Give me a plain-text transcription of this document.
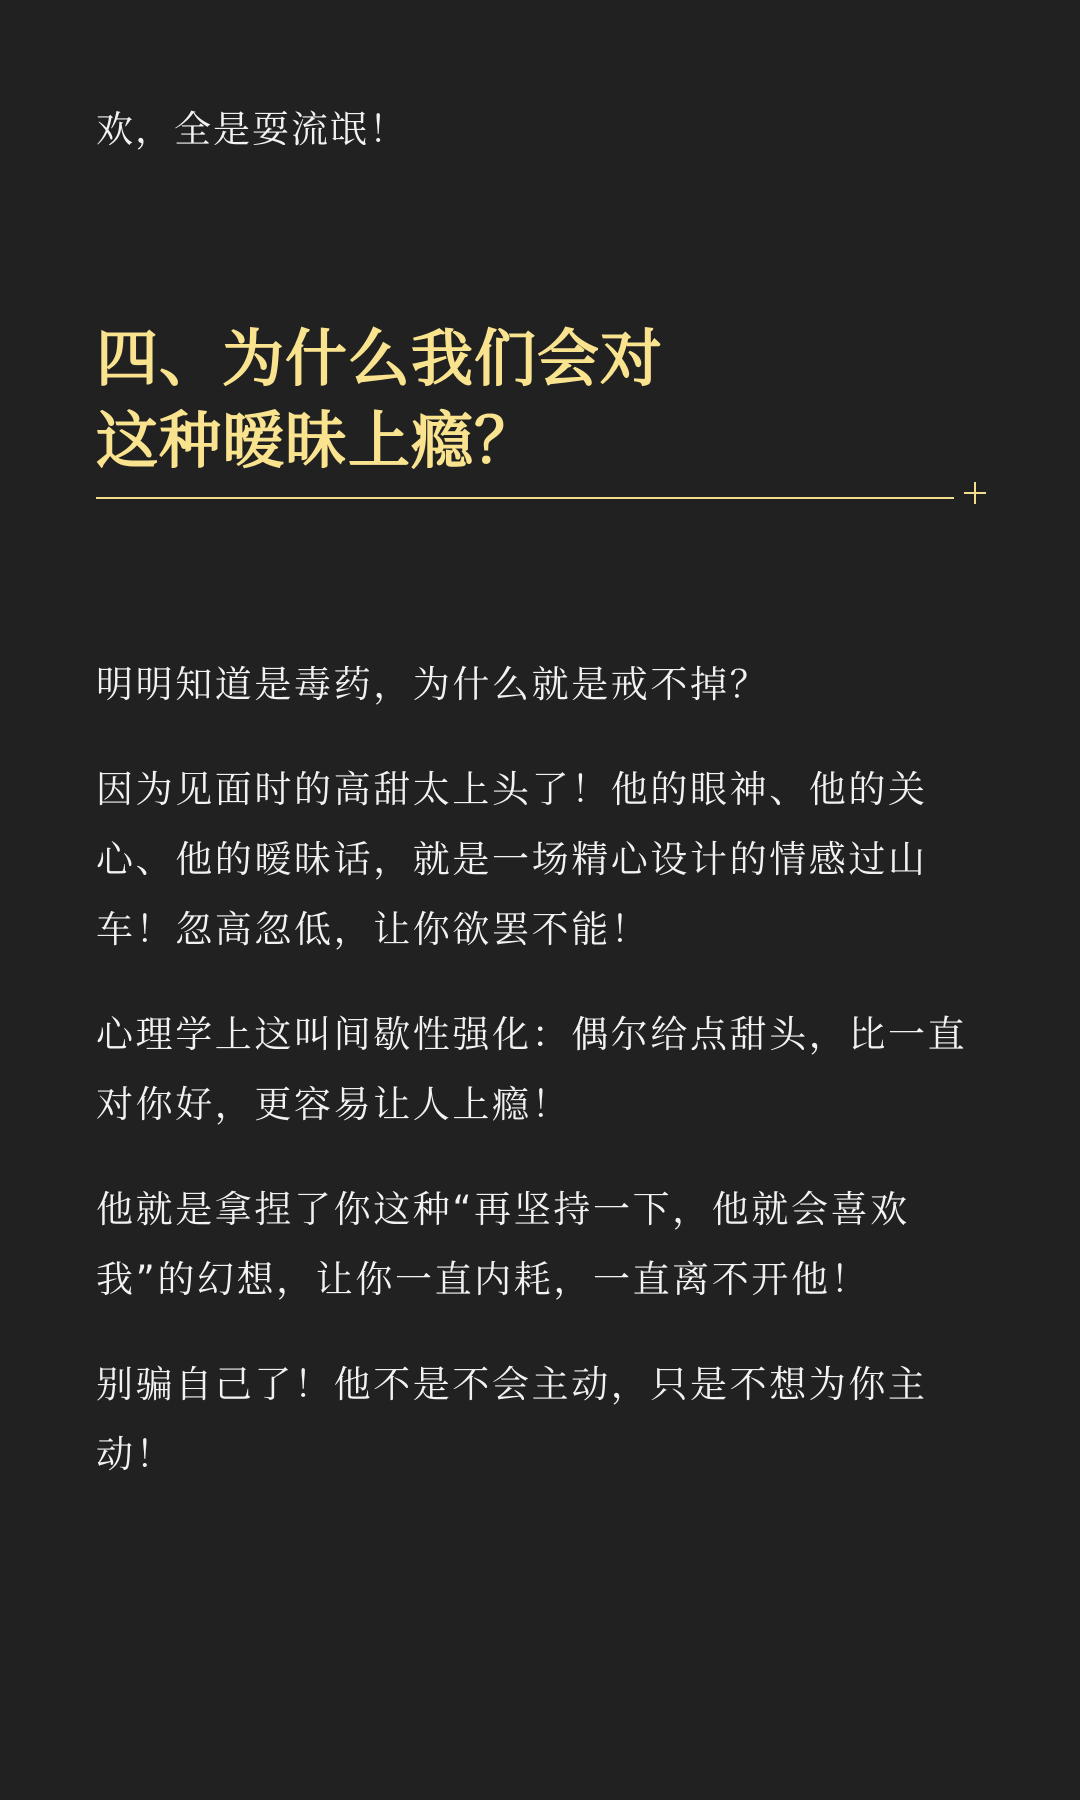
欢，全是耍流氓！

四、为什么我们会对
这种暧昧上瘾？

明明知道是毒药，为什么就是戒不掉？

因为见面时的高甜太上头了！他的眼神、他的关心、他的暧昧话，就是一场精心设计的情感过山车！忽高忽低，让你欲罢不能！

心理学上这叫间歇性强化：偶尔给点甜头，比一直对你好，更容易让人上瘾！

他就是拿捏了你这种“再坚持一下，他就会喜欢我”的幻想，让你一直内耗，一直离不开他！

别骗自己了！他不是不会主动，只是不想为你主动！
